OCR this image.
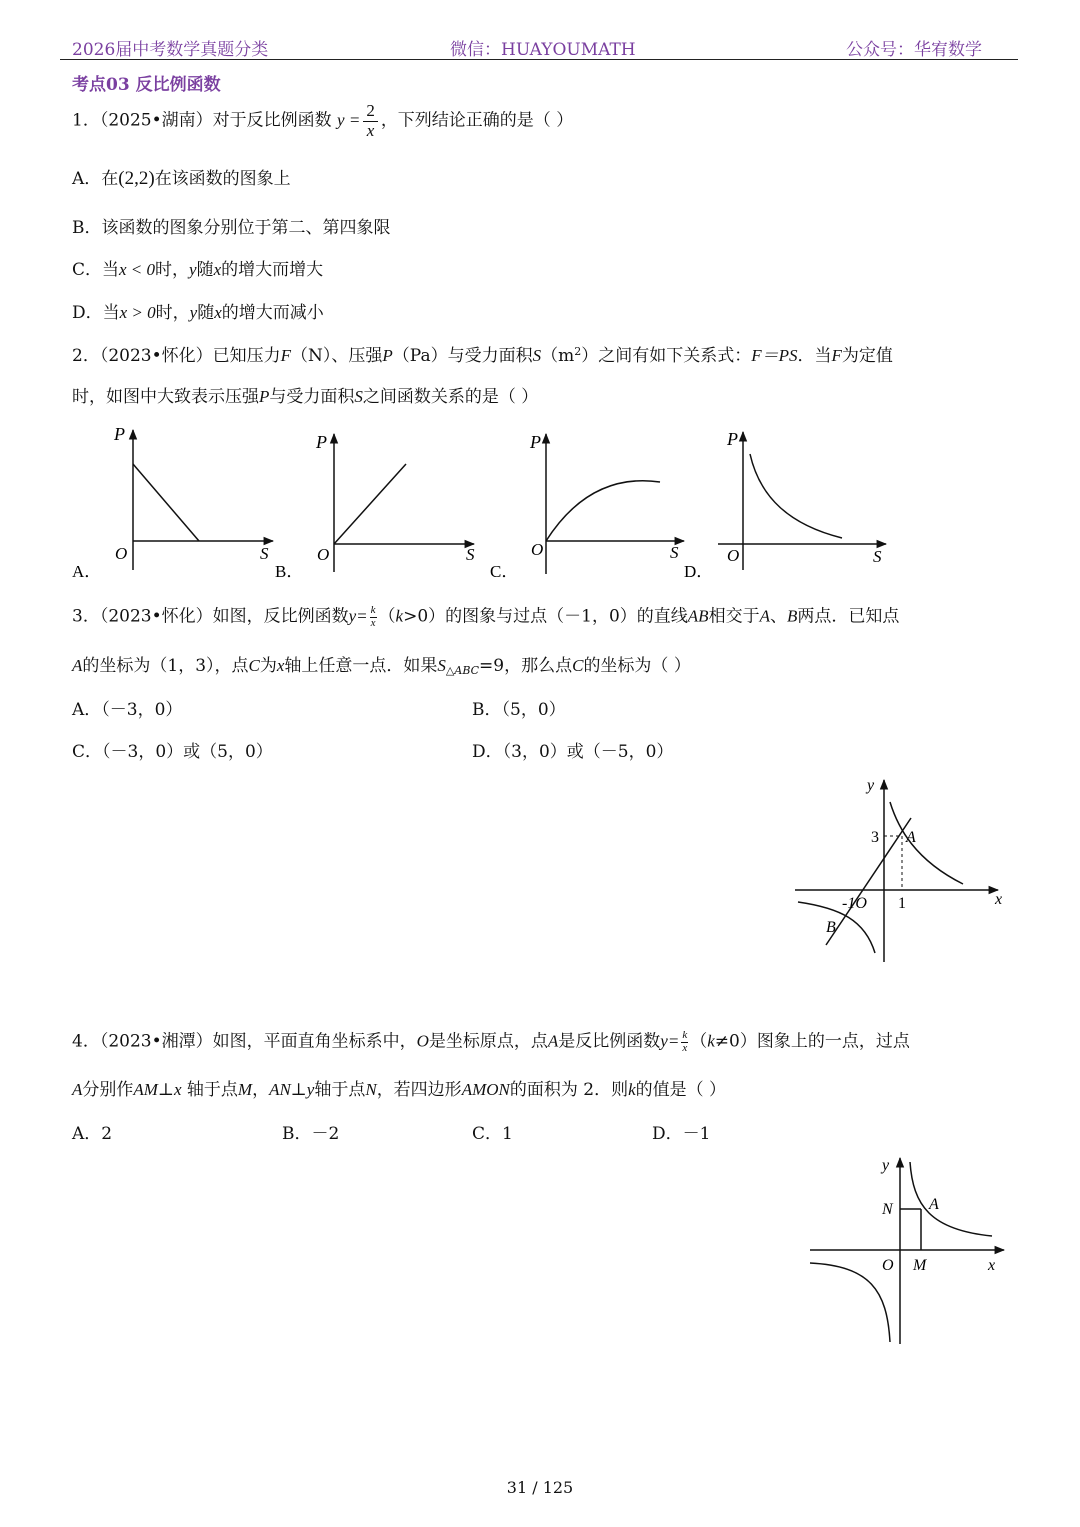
2026届中考数学真题分类	微信：HUAYOUMATH	公众号：华宥数学
考点03 反比例函数
1．（2025•湖南）对于反比例函数 $y = \frac{2}{x}$ ，下列结论正确的是（ ）
A．在(2,2)在该函数的图象上
B．该函数的图象分别位于第二、第四象限
C．当x < 0时，y随x的增大而增大
D．当x > 0时，y随x的增大而减小
2．（2023•怀化）已知压力F（N）、压强P（Pa）与受力面积$S(m^2)$之间有如下关系式：F＝PS．当F为定值
时，如图中大致表示压强P与受力面积S之间函数关系的是（ ）
P
O	S
A．
P
O	S
B．
P
O	S
C．
P
O	S
D．
3．（2023•怀化）如图，反比例函数$y= \frac{k}{x} (k>0)$的图象与过点（－1，0）的直线AB相交于A、B两点．已知点
A的坐标为（1，3），点C为x轴上任意一点．如果$S_{\triangle ABC}=9$，那么点C的坐标为（ ）
A．（－3，0）	B．（5，0）
C．（－3，0）或（5，0）	D．（3，0）或（－5，0）
y
x
3
1
-1O
A
B
4．（2023•湘潭）如图，平面直角坐标系中，O是坐标原点，点A是反比例函数$y= \frac{k}{x} (k\ne 0)$图象上的一点，过点
A分别作AM⊥x 轴于点M，AN⊥y轴于点N，若四边形AMON的面积为 2．则k的值是（ ）
A．2	B．－2	C．1	D．－1
y
x
N A
O M
31 / 125
